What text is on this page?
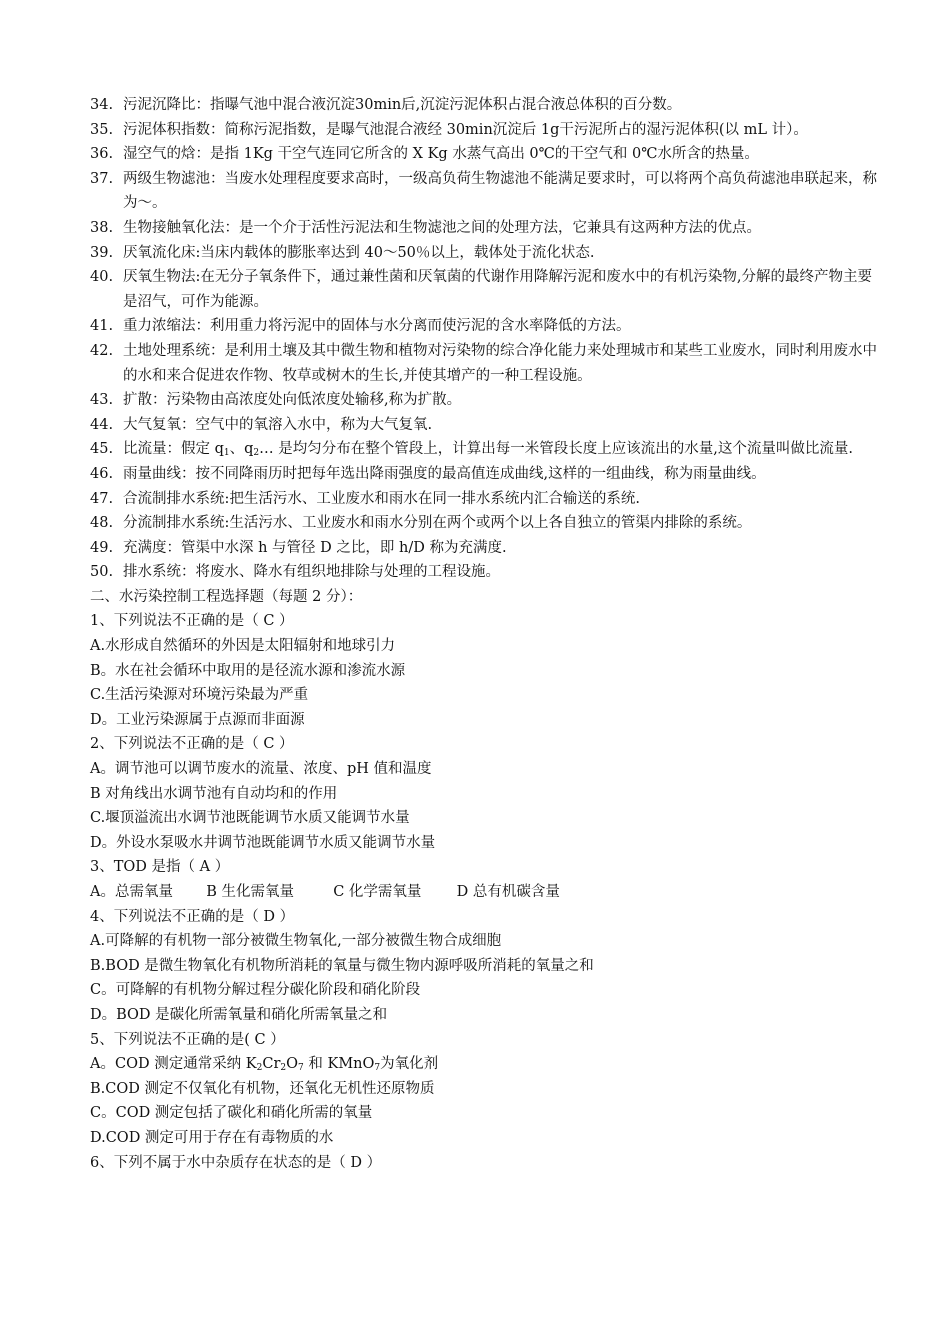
34. 污泥沉降比：指曝气池中混合液沉淀30min后,沉淀污泥体积占混合液总体积的百分数。
35. 污泥体积指数：简称污泥指数，是曝气池混合液经 30min沉淀后 1g干污泥所占的湿污泥体积(以 mL 计）。
36. 湿空气的焓：是指 1Kg 干空气连同它所含的 X Kg 水蒸气高出 0℃的干空气和 0℃水所含的热量。
37. 两级生物滤池：当废水处理程度要求高时，一级高负荷生物滤池不能满足要求时，可以将两个高负荷滤池串联起来，称为～。
38. 生物接触氧化法：是一个介于活性污泥法和生物滤池之间的处理方法，它兼具有这两种方法的优点。
39. 厌氧流化床:当床内载体的膨胀率达到 40～50％以上，载体处于流化状态.
40. 厌氧生物法:在无分子氧条件下，通过兼性菌和厌氧菌的代谢作用降解污泥和废水中的有机污染物,分解的最终产物主要是沼气，可作为能源。
41. 重力浓缩法：利用重力将污泥中的固体与水分离而使污泥的含水率降低的方法。
42. 土地处理系统：是利用土壤及其中微生物和植物对污染物的综合净化能力来处理城市和某些工业废水，同时利用废水中的水和来合促进农作物、牧草或树木的生长,并使其增产的一种工程设施。
43. 扩散：污染物由高浓度处向低浓度处输移,称为扩散。
44. 大气复氧：空气中的氧溶入水中，称为大气复氧.
45. 比流量：假定 $q_1$、$q_2\dots$ 是均匀分布在整个管段上，计算出每一米管段长度上应该流出的水量,这个流量叫做比流量.
46. 雨量曲线：按不同降雨历时把每年选出降雨强度的最高值连成曲线,这样的一组曲线，称为雨量曲线。
47. 合流制排水系统:把生活污水、工业废水和雨水在同一排水系统内汇合输送的系统.
48. 分流制排水系统:生活污水、工业废水和雨水分别在两个或两个以上各自独立的管渠内排除的系统。
49. 充满度：管渠中水深 h 与管径 D 之比，即 h/D 称为充满度.
50. 排水系统：将废水、降水有组织地排除与处理的工程设施。
二、水污染控制工程选择题（每题 2 分）：
1、下列说法不正确的是（ C ）
A.水形成自然循环的外因是太阳辐射和地球引力
B。水在社会循环中取用的是径流水源和渗流水源
C.生活污染源对环境污染最为严重
D。工业污染源属于点源而非面源
2、下列说法不正确的是（ C ）
A。调节池可以调节废水的流量、浓度、pH 值和温度
B 对角线出水调节池有自动均和的作用
C.堰顶溢流出水调节池既能调节水质又能调节水量
D。外设水泵吸水井调节池既能调节水质又能调节水量
3、TOD 是指（ A ）
A。总需氧量 B 生化需氧量	C 化学需氧量 D 总有机碳含量
4、下列说法不正确的是（ D ）
A.可降解的有机物一部分被微生物氧化,一部分被微生物合成细胞
B.BOD 是微生物氧化有机物所消耗的氧量与微生物内源呼吸所消耗的氧量之和
C。可降解的有机物分解过程分碳化阶段和硝化阶段
D。BOD 是碳化所需氧量和硝化所需氧量之和
5、下列说法不正确的是( C ）
A。COD 测定通常采纳 $K_2Cr_2O_7$ 和 KMnO$_7$为氧化剂
B.COD 测定不仅氧化有机物，还氧化无机性还原物质
C。COD 测定包括了碳化和硝化所需的氧量
D.COD 测定可用于存在有毒物质的水
6、下列不属于水中杂质存在状态的是（ D ）
